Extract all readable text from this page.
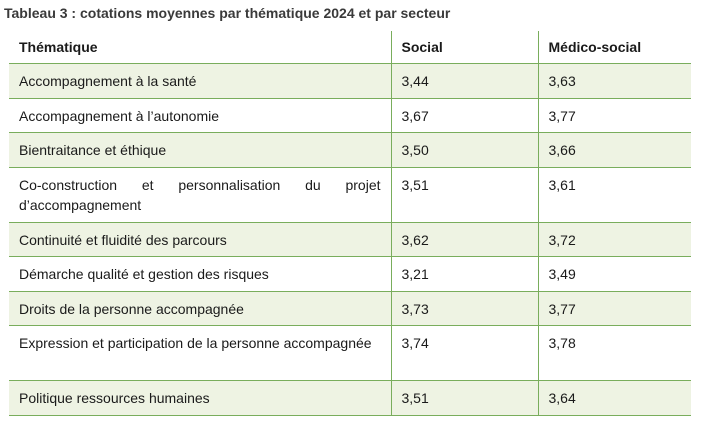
Tableau 3 : cotations moyennes par thématique 2024 et par secteur
Thématique	Social	Médico-social
Accompagnement à la santé	3,44	3,63
Accompagnement à l’autonomie	3,67	3,77
Bientraitance et éthique	3,50	3,66
Co-construction et personnalisation du projet d’accompagnement	3,51	3,61
Continuité et fluidité des parcours	3,62	3,72
Démarche qualité et gestion des risques	3,21	3,49
Droits de la personne accompagnée	3,73	3,77
Expression et participation de la personne accompagnée	3,74	3,78
Politique ressources humaines	3,51	3,64
